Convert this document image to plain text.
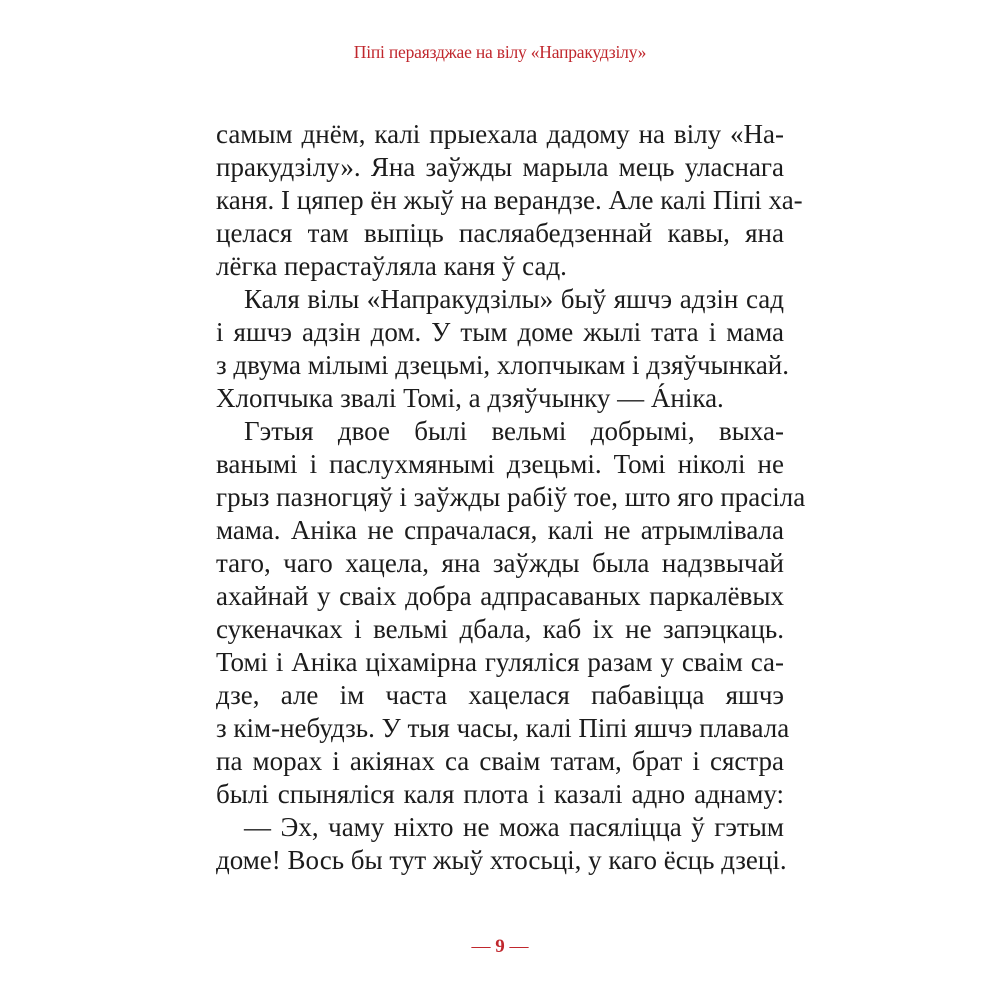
Піпі пераязджае на вілу «Напракудзілу»

самым днём, калі прыехала дадому на вілу «На-
пракудзілу». Яна заўжды марыла мець уласнага
каня. І цяпер ён жыў на верандзе. Але калі Піпі ха-
целася там выпіць пасляабедзеннай кавы, яна
лёгка перастаўляла каня ў сад.

Каля вілы «Напракудзілы» быў яшчэ адзін сад
і яшчэ адзін дом. У тым доме жылі тата і мама
з двума мілымі дзецьмі, хлопчыкам і дзяўчынкай.
Хлопчыка звалі Томі, а дзяўчынку — Áніка.

Гэтыя двое былі вельмі добрымі, выха-
ванымі і паслухмянымі дзецьмі. Томі ніколі не
грыз пазногцяў і заўжды рабіў тое, што яго прасіла
мама. Аніка не спрачалася, калі не атрымлівала
таго, чаго хацела, яна заўжды была надзвычай
ахайнай у сваіх добра адпрасаваных паркалёвых
сукеначках і вельмі дбала, каб іх не запэцкаць.
Томі і Аніка ціхамірна гуляліся разам у сваім са-
дзе, але ім часта хацелася пабавіцца яшчэ
з кім-небудзь. У тыя часы, калі Піпі яшчэ плавала
па морах і акіянах са сваім татам, брат і сястра
былі спыняліся каля плота і казалі адно аднаму:

— Эх, чаму ніхто не можа пасяліцца ў гэтым
доме! Вось бы тут жыў хтосьці, у каго ёсць дзеці.

— 9 —
